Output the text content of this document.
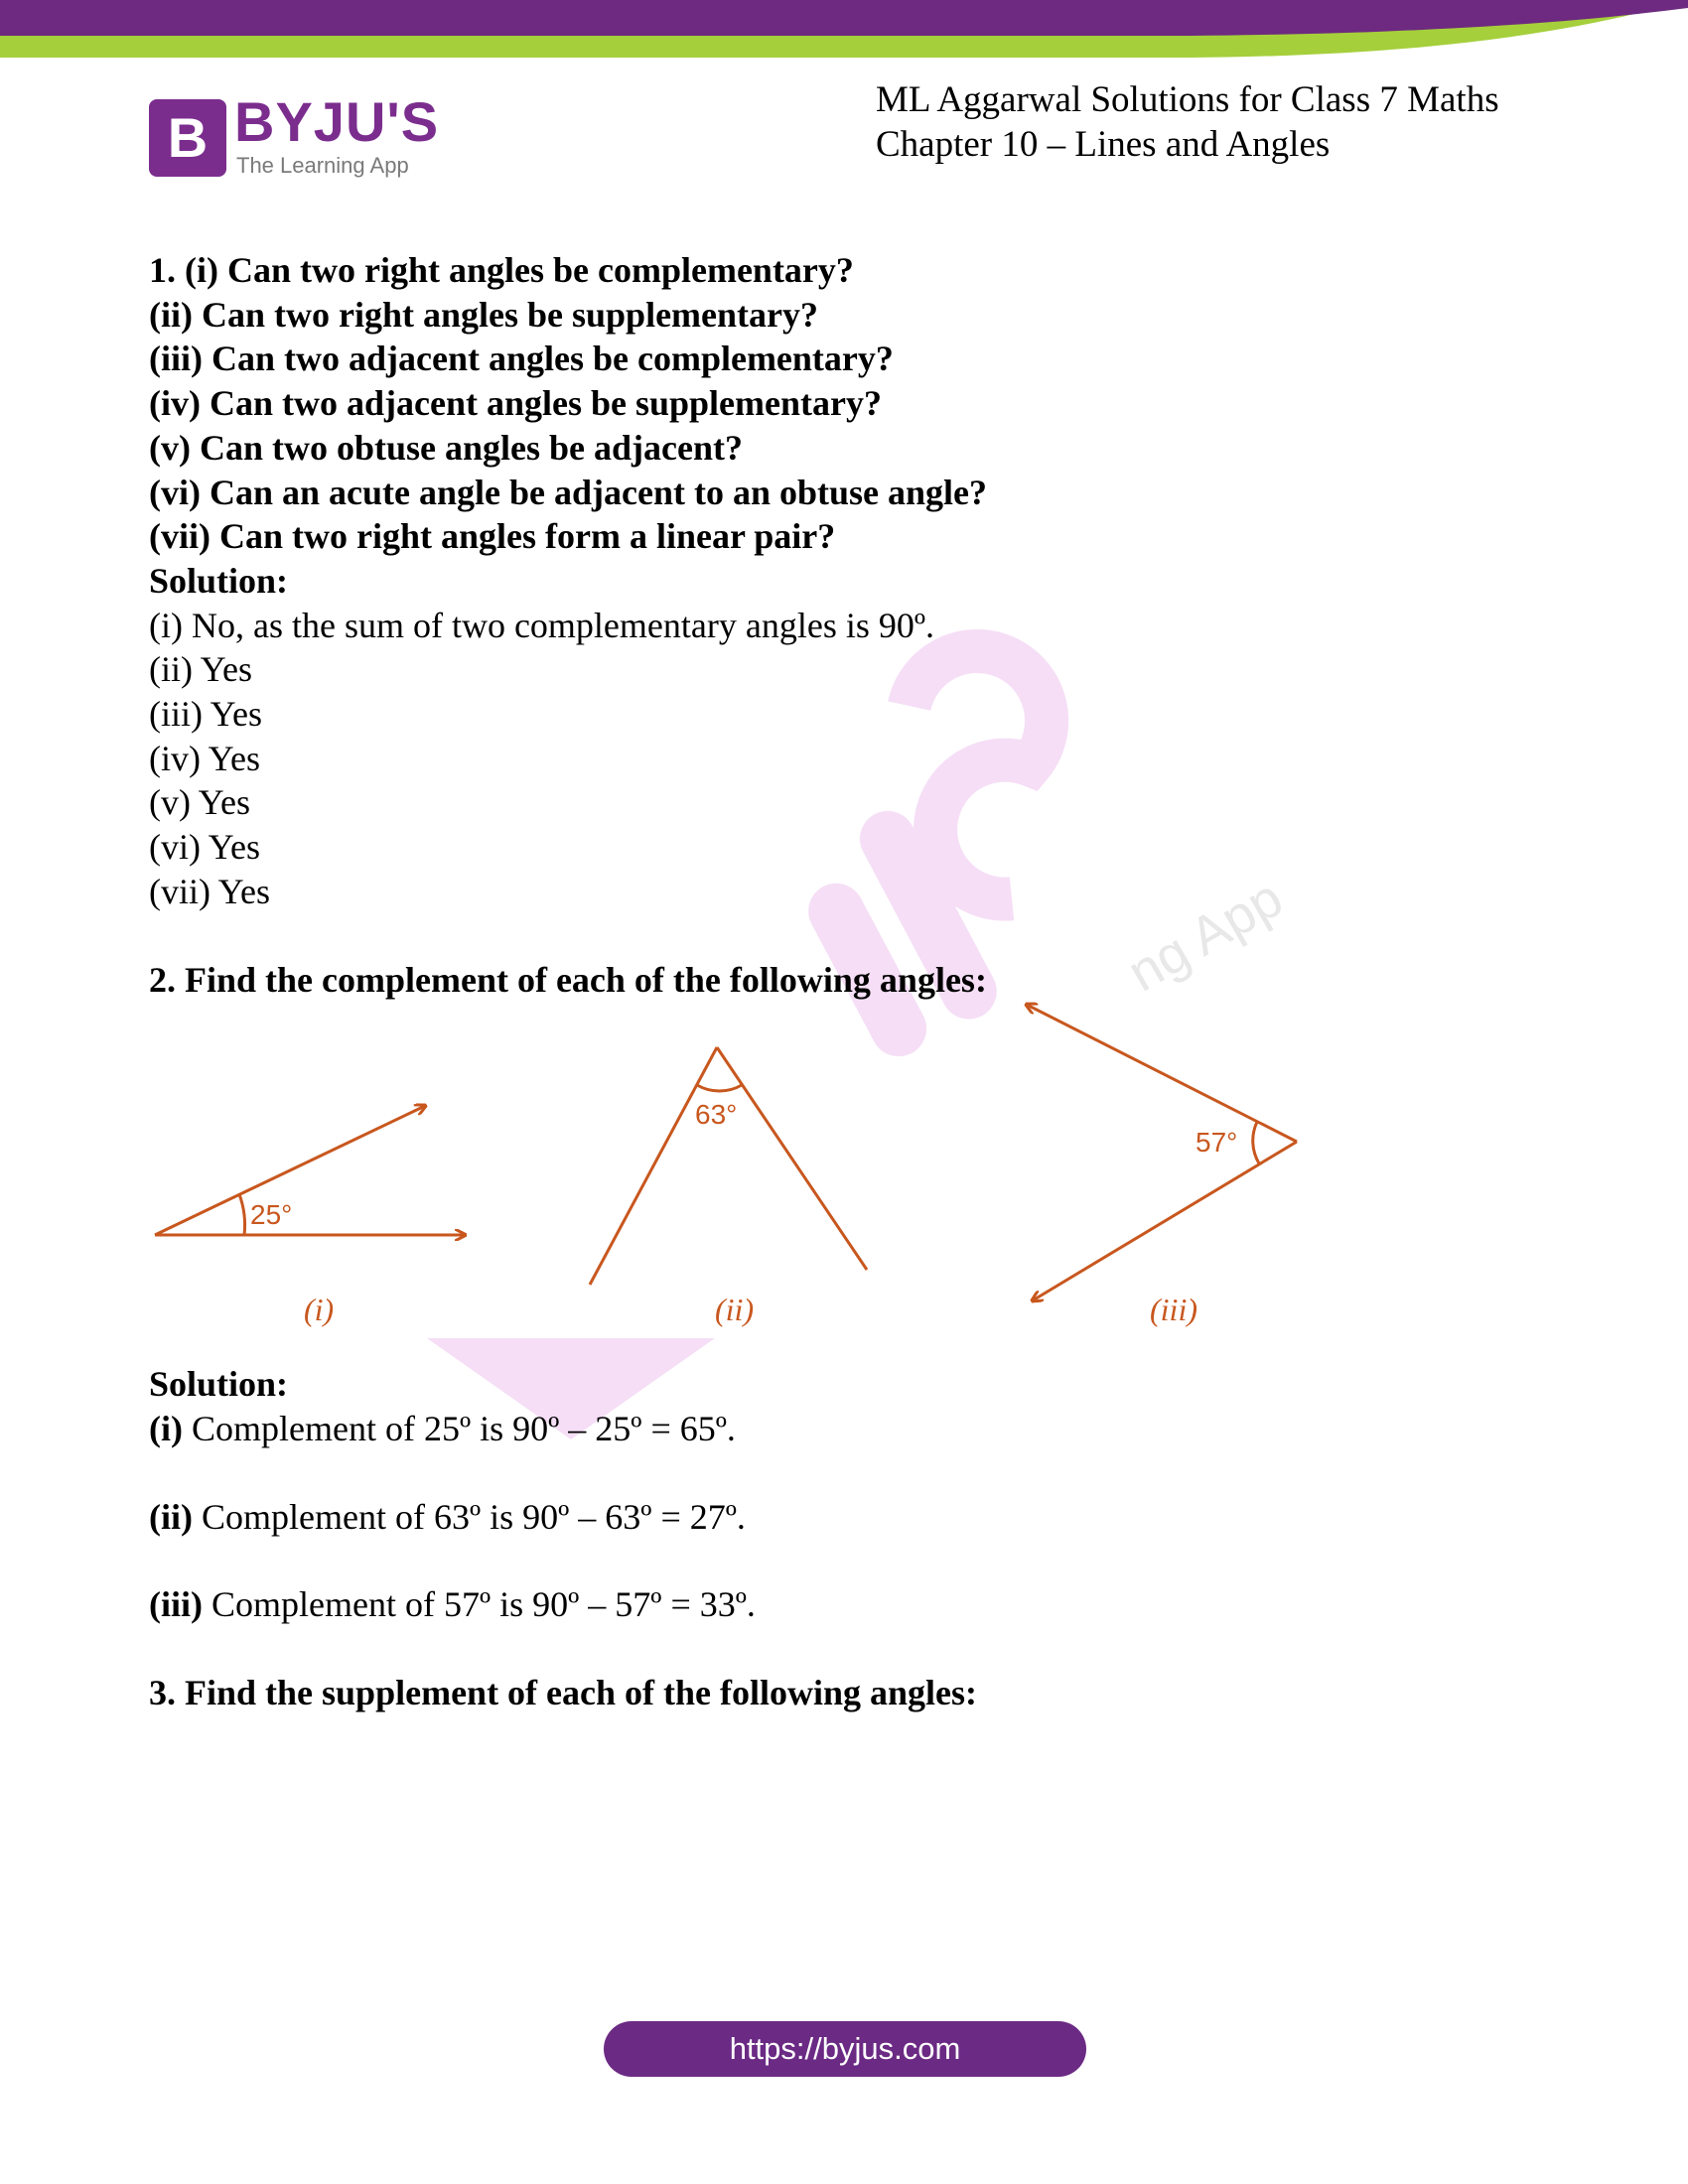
ng App
B BYJU'S
The Learning App
ML Aggarwal Solutions for Class 7 Maths
Chapter 10 – Lines and Angles
1. (i) Can two right angles be complementary?
(ii) Can two right angles be supplementary?
(iii) Can two adjacent angles be complementary?
(iv) Can two adjacent angles be supplementary?
(v) Can two obtuse angles be adjacent?
(vi) Can an acute angle be adjacent to an obtuse angle?
(vii) Can two right angles form a linear pair?
Solution:
(i) No, as the sum of two complementary angles is 90º.
(ii) Yes
(iii) Yes
(iv) Yes
(v) Yes
(vi) Yes
(vii) Yes
2. Find the complement of each of the following angles:
Solution:
(i) Complement of 25º is 90º – 25º = 65º.
(ii) Complement of 63º is 90º – 63º = 27º.
(iii) Complement of 57º is 90º – 57º = 33º.
3. Find the supplement of each of the following angles:
25°
(i)
63°
(ii)
57°
(iii)
https://byjus.com
